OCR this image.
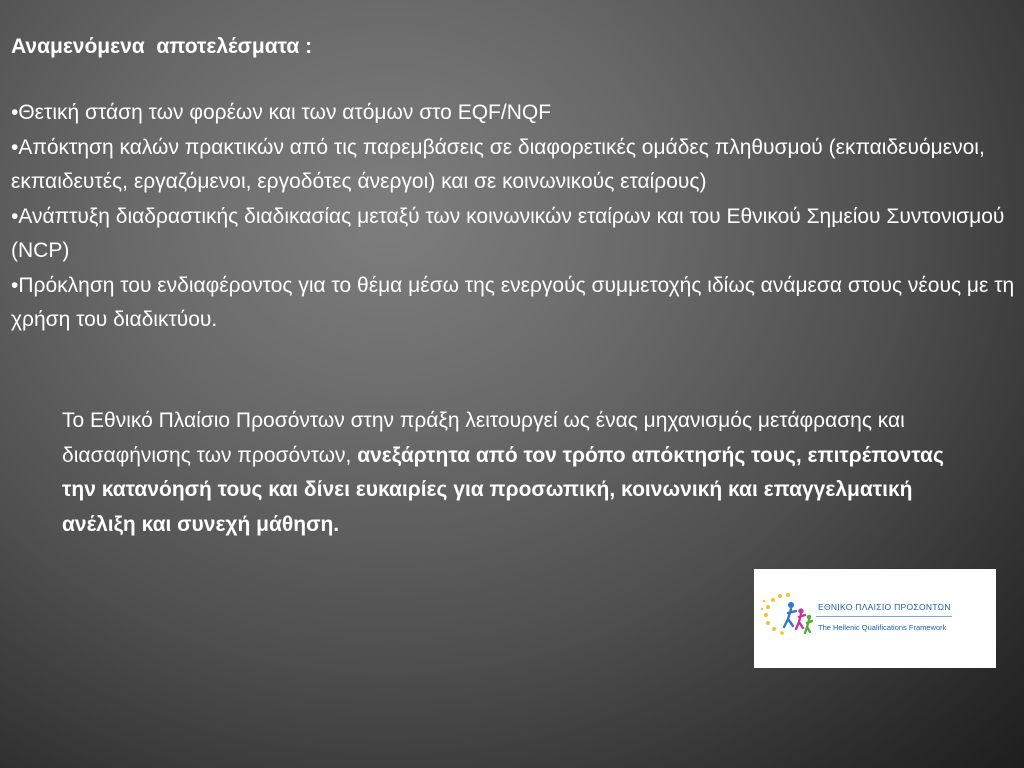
Αναμενόμενα  αποτελέσματα :
•Θετική στάση των φορέων και των ατόμων στο EQF/NQF
•Απόκτηση καλών πρακτικών από τις παρεμβάσεις σε διαφορετικές ομάδες πληθυσμού (εκπαιδευόμενοι, εκπαιδευτές, εργαζόμενοι, εργοδότες άνεργοι) και σε κοινωνικούς εταίρους)
•Ανάπτυξη διαδραστικής διαδικασίας μεταξύ των κοινωνικών εταίρων και του Εθνικού Σημείου Συντονισμού (NCP)
•Πρόκληση του ενδιαφέροντος για το θέμα μέσω της ενεργούς συμμετοχής ιδίως ανάμεσα στους νέους με τη χρήση του διαδικτύου.
Το Εθνικό Πλαίσιο Προσόντων στην πράξη λειτουργεί ως ένας μηχανισμός μετάφρασης και διασαφήνισης των προσόντων, ανεξάρτητα από τον τρόπο απόκτησής τους, επιτρέποντας την κατανόησή τους και δίνει ευκαιρίες για προσωπική, κοινωνική και επαγγελματική ανέλιξη και συνεχή μάθηση.
ΕΘΝΙΚΟ ΠΛΑΙΣΙΟ ΠΡΟΣΟΝΤΩΝ
The Hellenic Qualifications Framework
